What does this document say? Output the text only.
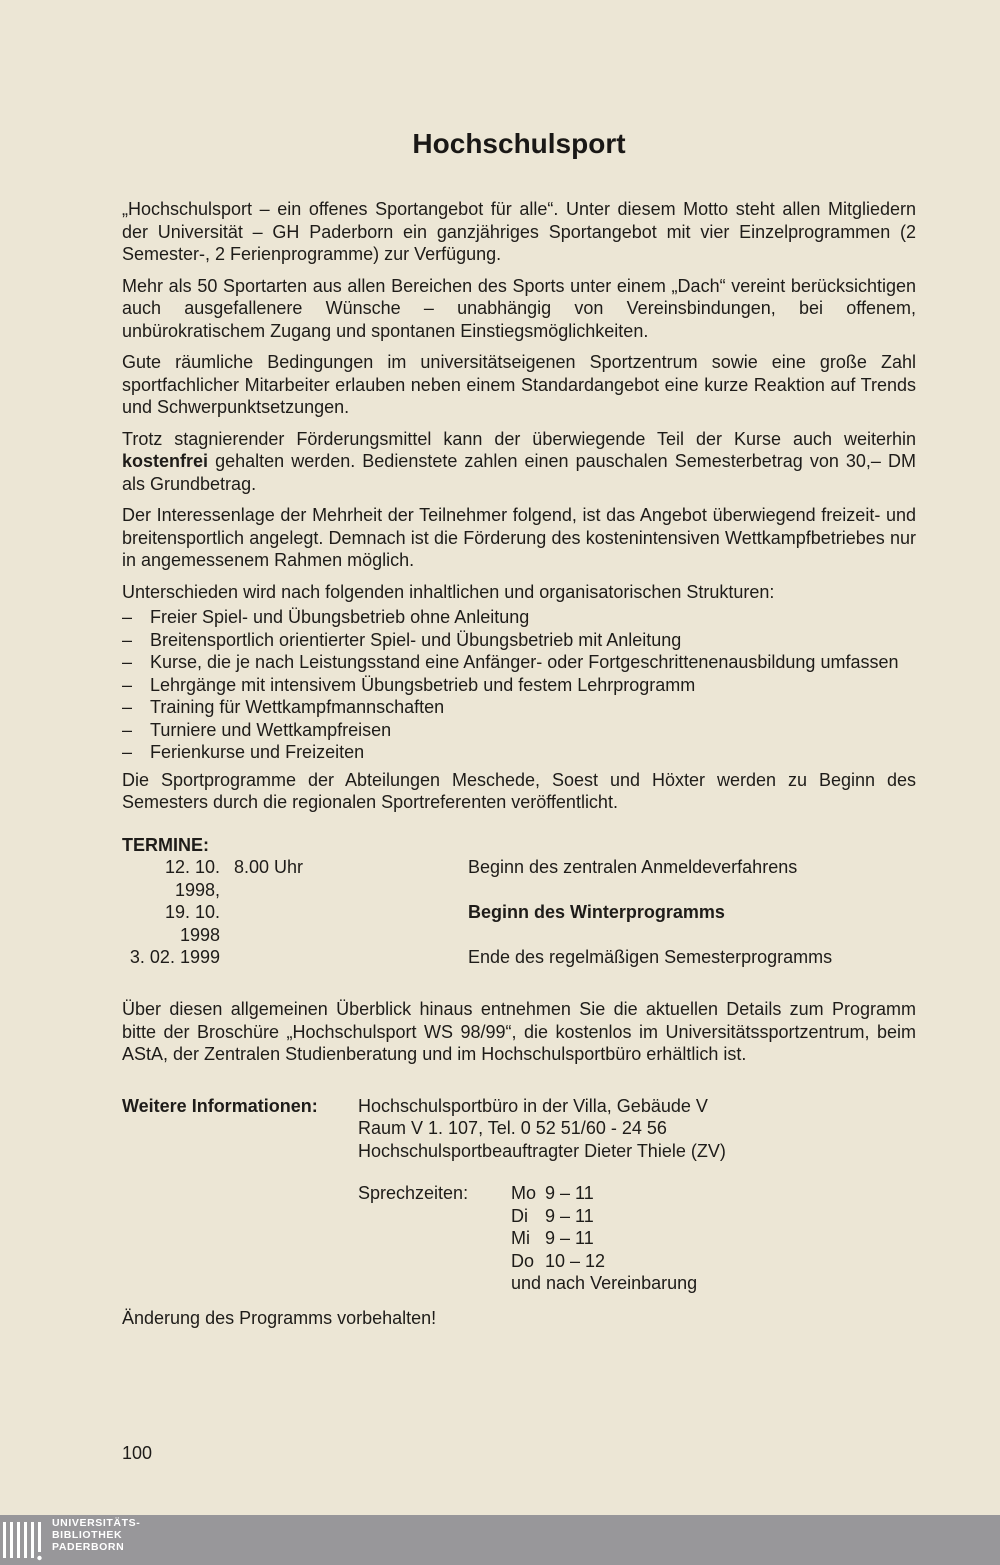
Hochschulsport

„Hochschulsport – ein offenes Sportangebot für alle“. Unter diesem Motto steht allen Mitgliedern der Universität – GH Paderborn ein ganzjähriges Sportangebot mit vier Einzelprogrammen (2 Semester-, 2 Ferienprogramme) zur Verfügung.

Mehr als 50 Sportarten aus allen Bereichen des Sports unter einem „Dach“ vereint berücksichtigen auch ausgefallenere Wünsche – unabhängig von Vereinsbindungen, bei offenem, unbürokratischem Zugang und spontanen Einstiegsmöglichkeiten.

Gute räumliche Bedingungen im universitätseigenen Sportzentrum sowie eine große Zahl sportfachlicher Mitarbeiter erlauben neben einem Standardangebot eine kurze Reaktion auf Trends und Schwerpunktsetzungen.

Trotz stagnierender Förderungsmittel kann der überwiegende Teil der Kurse auch weiterhin kostenfrei gehalten werden. Bedienstete zahlen einen pauschalen Semesterbetrag von 30,– DM als Grundbetrag.

Der Interessenlage der Mehrheit der Teilnehmer folgend, ist das Angebot überwiegend freizeit- und breitensportlich angelegt. Demnach ist die Förderung des kostenintensiven Wettkampfbetriebes nur in angemessenem Rahmen möglich.

Unterschieden wird nach folgenden inhaltlichen und organisatorischen Strukturen:

– Freier Spiel- und Übungsbetrieb ohne Anleitung
– Breitensportlich orientierter Spiel- und Übungsbetrieb mit Anleitung
– Kurse, die je nach Leistungsstand eine Anfänger- oder Fortgeschrittenenausbildung umfassen
– Lehrgänge mit intensivem Übungsbetrieb und festem Lehrprogramm
– Training für Wettkampfmannschaften
– Turniere und Wettkampfreisen
– Ferienkurse und Freizeiten

Die Sportprogramme der Abteilungen Meschede, Soest und Höxter werden zu Beginn des Semesters durch die regionalen Sportreferenten veröffentlicht.

TERMINE:
12. 10. 1998,	8.00 Uhr	Beginn des zentralen Anmeldeverfahrens
19. 10. 1998		Beginn des Winterprogramms
3. 02. 1999		Ende des regelmäßigen Semesterprogramms

Über diesen allgemeinen Überblick hinaus entnehmen Sie die aktuellen Details zum Programm bitte der Broschüre „Hochschulsport WS 98/99“, die kostenlos im Universitätssportzentrum, beim AStA, der Zentralen Studienberatung und im Hochschulsportbüro erhältlich ist.

Weitere Informationen:	Hochschulsportbüro in der Villa, Gebäude V
Raum V 1. 107, Tel. 0 52 51/60 - 24 56
Hochschulsportbeauftragter Dieter Thiele (ZV)
Sprechzeiten:	Mo	9 – 11
Di	9 – 11
Mi	9 – 11
Do	10 – 12
und nach Vereinbarung
Änderung des Programms vorbehalten!
100
UNIVERSITÄTS-
BIBLIOTHEK
PADERBORN
